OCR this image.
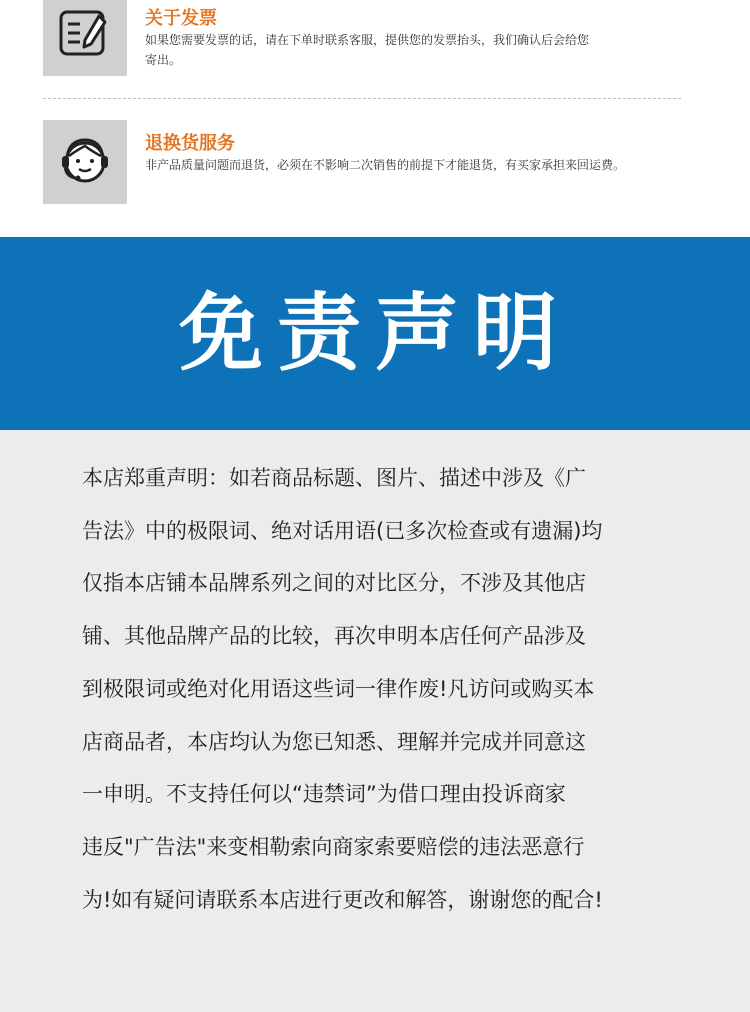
关于发票
如果您需要发票的话，请在下单时联系客服，提供您的发票抬头，我们确认后会给您
寄出。
退换货服务
非产品质量问题而退货，必须在不影响二次销售的前提下才能退货，有买家承担来回运费。
免责声明
本店郑重声明：如若商品标题、图片、描述中涉及《广
告法》中的极限词、绝对话用语(已多次检查或有遗漏)均
仅指本店铺本品牌系列之间的对比区分，不涉及其他店
铺、其他品牌产品的比较，再次申明本店任何产品涉及
到极限词或绝对化用语这些词一律作废!凡访问或购买本
店商品者，本店均认为您已知悉、理解并完成并同意这
一申明。不支持任何以“违禁词”为借口理由投诉商家
违反"广告法"来变相勒索向商家索要赔偿的违法恶意行
为!如有疑问请联系本店进行更改和解答，谢谢您的配合!
